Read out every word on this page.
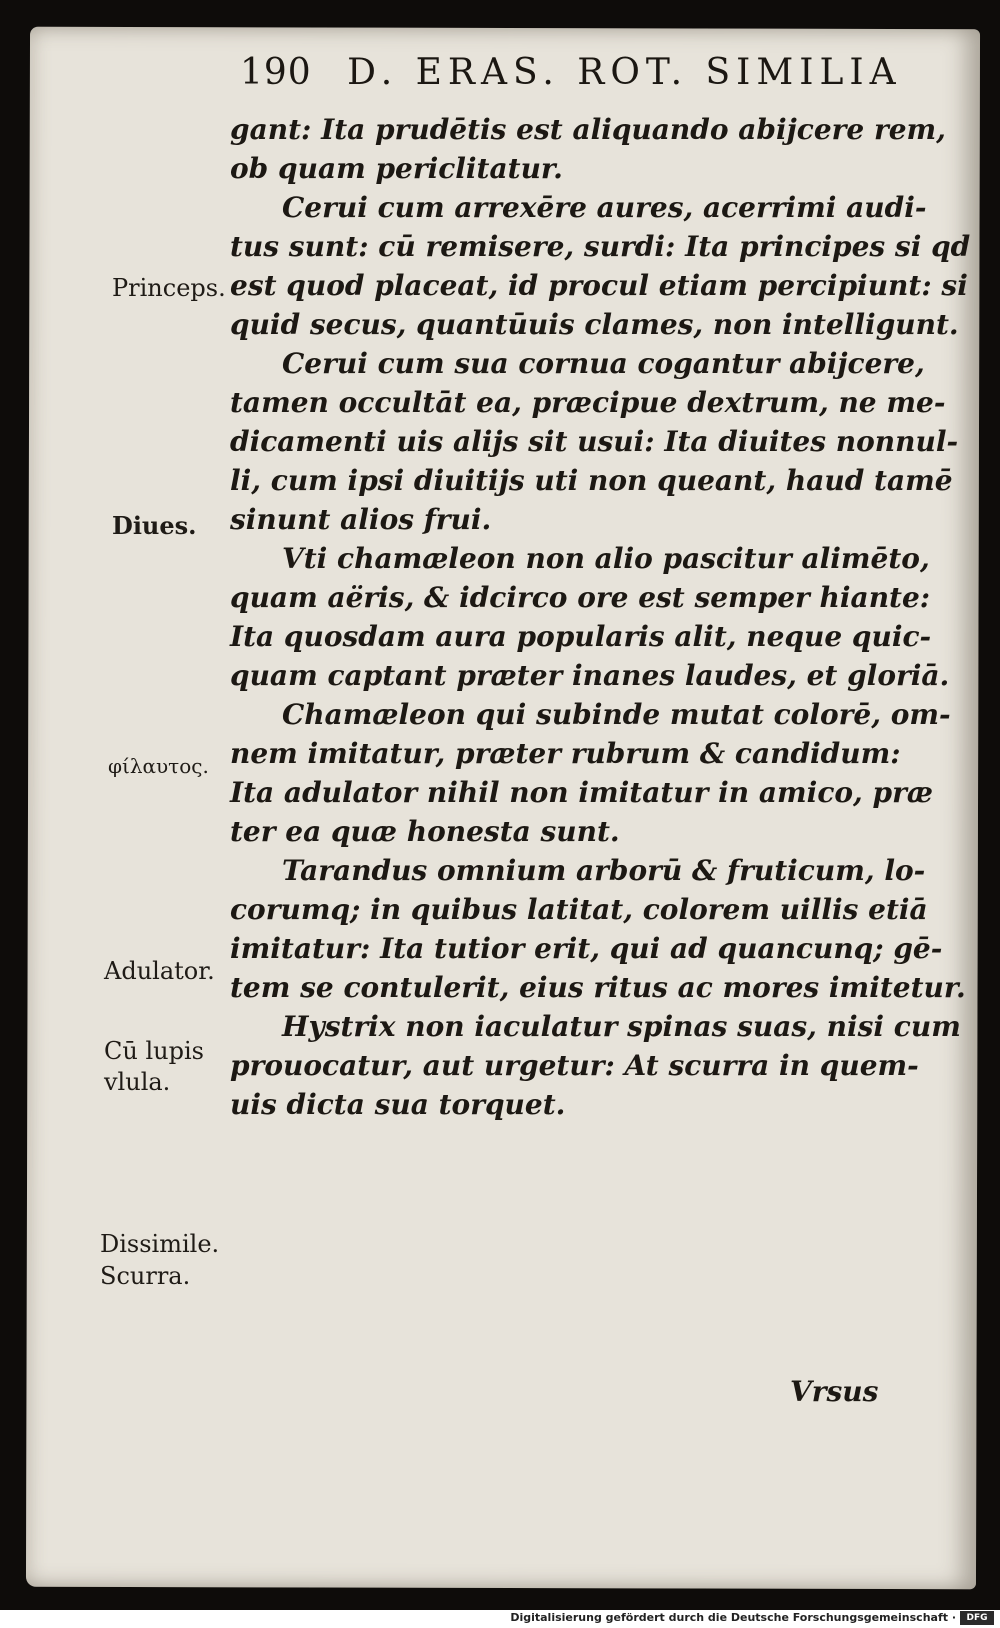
190 D. ERAS. ROT. SIMILIA
gant: Ita prudētis est aliquando abijcere rem,
ob quam periclitatur.
Cerui cum arrexēre aures, acerrimi audi-
tus sunt: cū remisere, surdi: Ita principes si qd
est quod placeat, id procul etiam percipiunt: si
quid secus, quantūuis clames, non intelligunt.
Cerui cum sua cornua cogantur abijcere,
tamen occultāt ea, præcipue dextrum, ne me-
dicamenti uis alijs sit usui: Ita diuites nonnul-
li, cum ipsi diuitijs uti non queant, haud tamē
sinunt alios frui.
Vti chamæleon non alio pascitur alimēto,
quam aëris, & idcirco ore est semper hiante:
Ita quosdam aura popularis alit, neque quic-
quam captant præter inanes laudes, et gloriā.
Chamæleon qui subinde mutat colorē, om-
nem imitatur, præter rubrum & candidum:
Ita adulator nihil non imitatur in amico, præ
ter ea quæ honesta sunt.
Tarandus omnium arborū & fruticum, lo-
corumq; in quibus latitat, colorem uillis etiā
imitatur: Ita tutior erit, qui ad quancunq; gē-
tem se contulerit, eius ritus ac mores imitetur.
Hystrix non iaculatur spinas suas, nisi cum
prouocatur, aut urgetur: At scurra in quem-
uis dicta sua torquet.
Princeps.
Diues.
φίλαυτος.
Adulator.
Cū lupis
vlula.
Dissimile.
Scurra.
Vrsus
Digitalisierung gefördert durch die Deutsche Forschungsgemeinschaft ·	DFG
